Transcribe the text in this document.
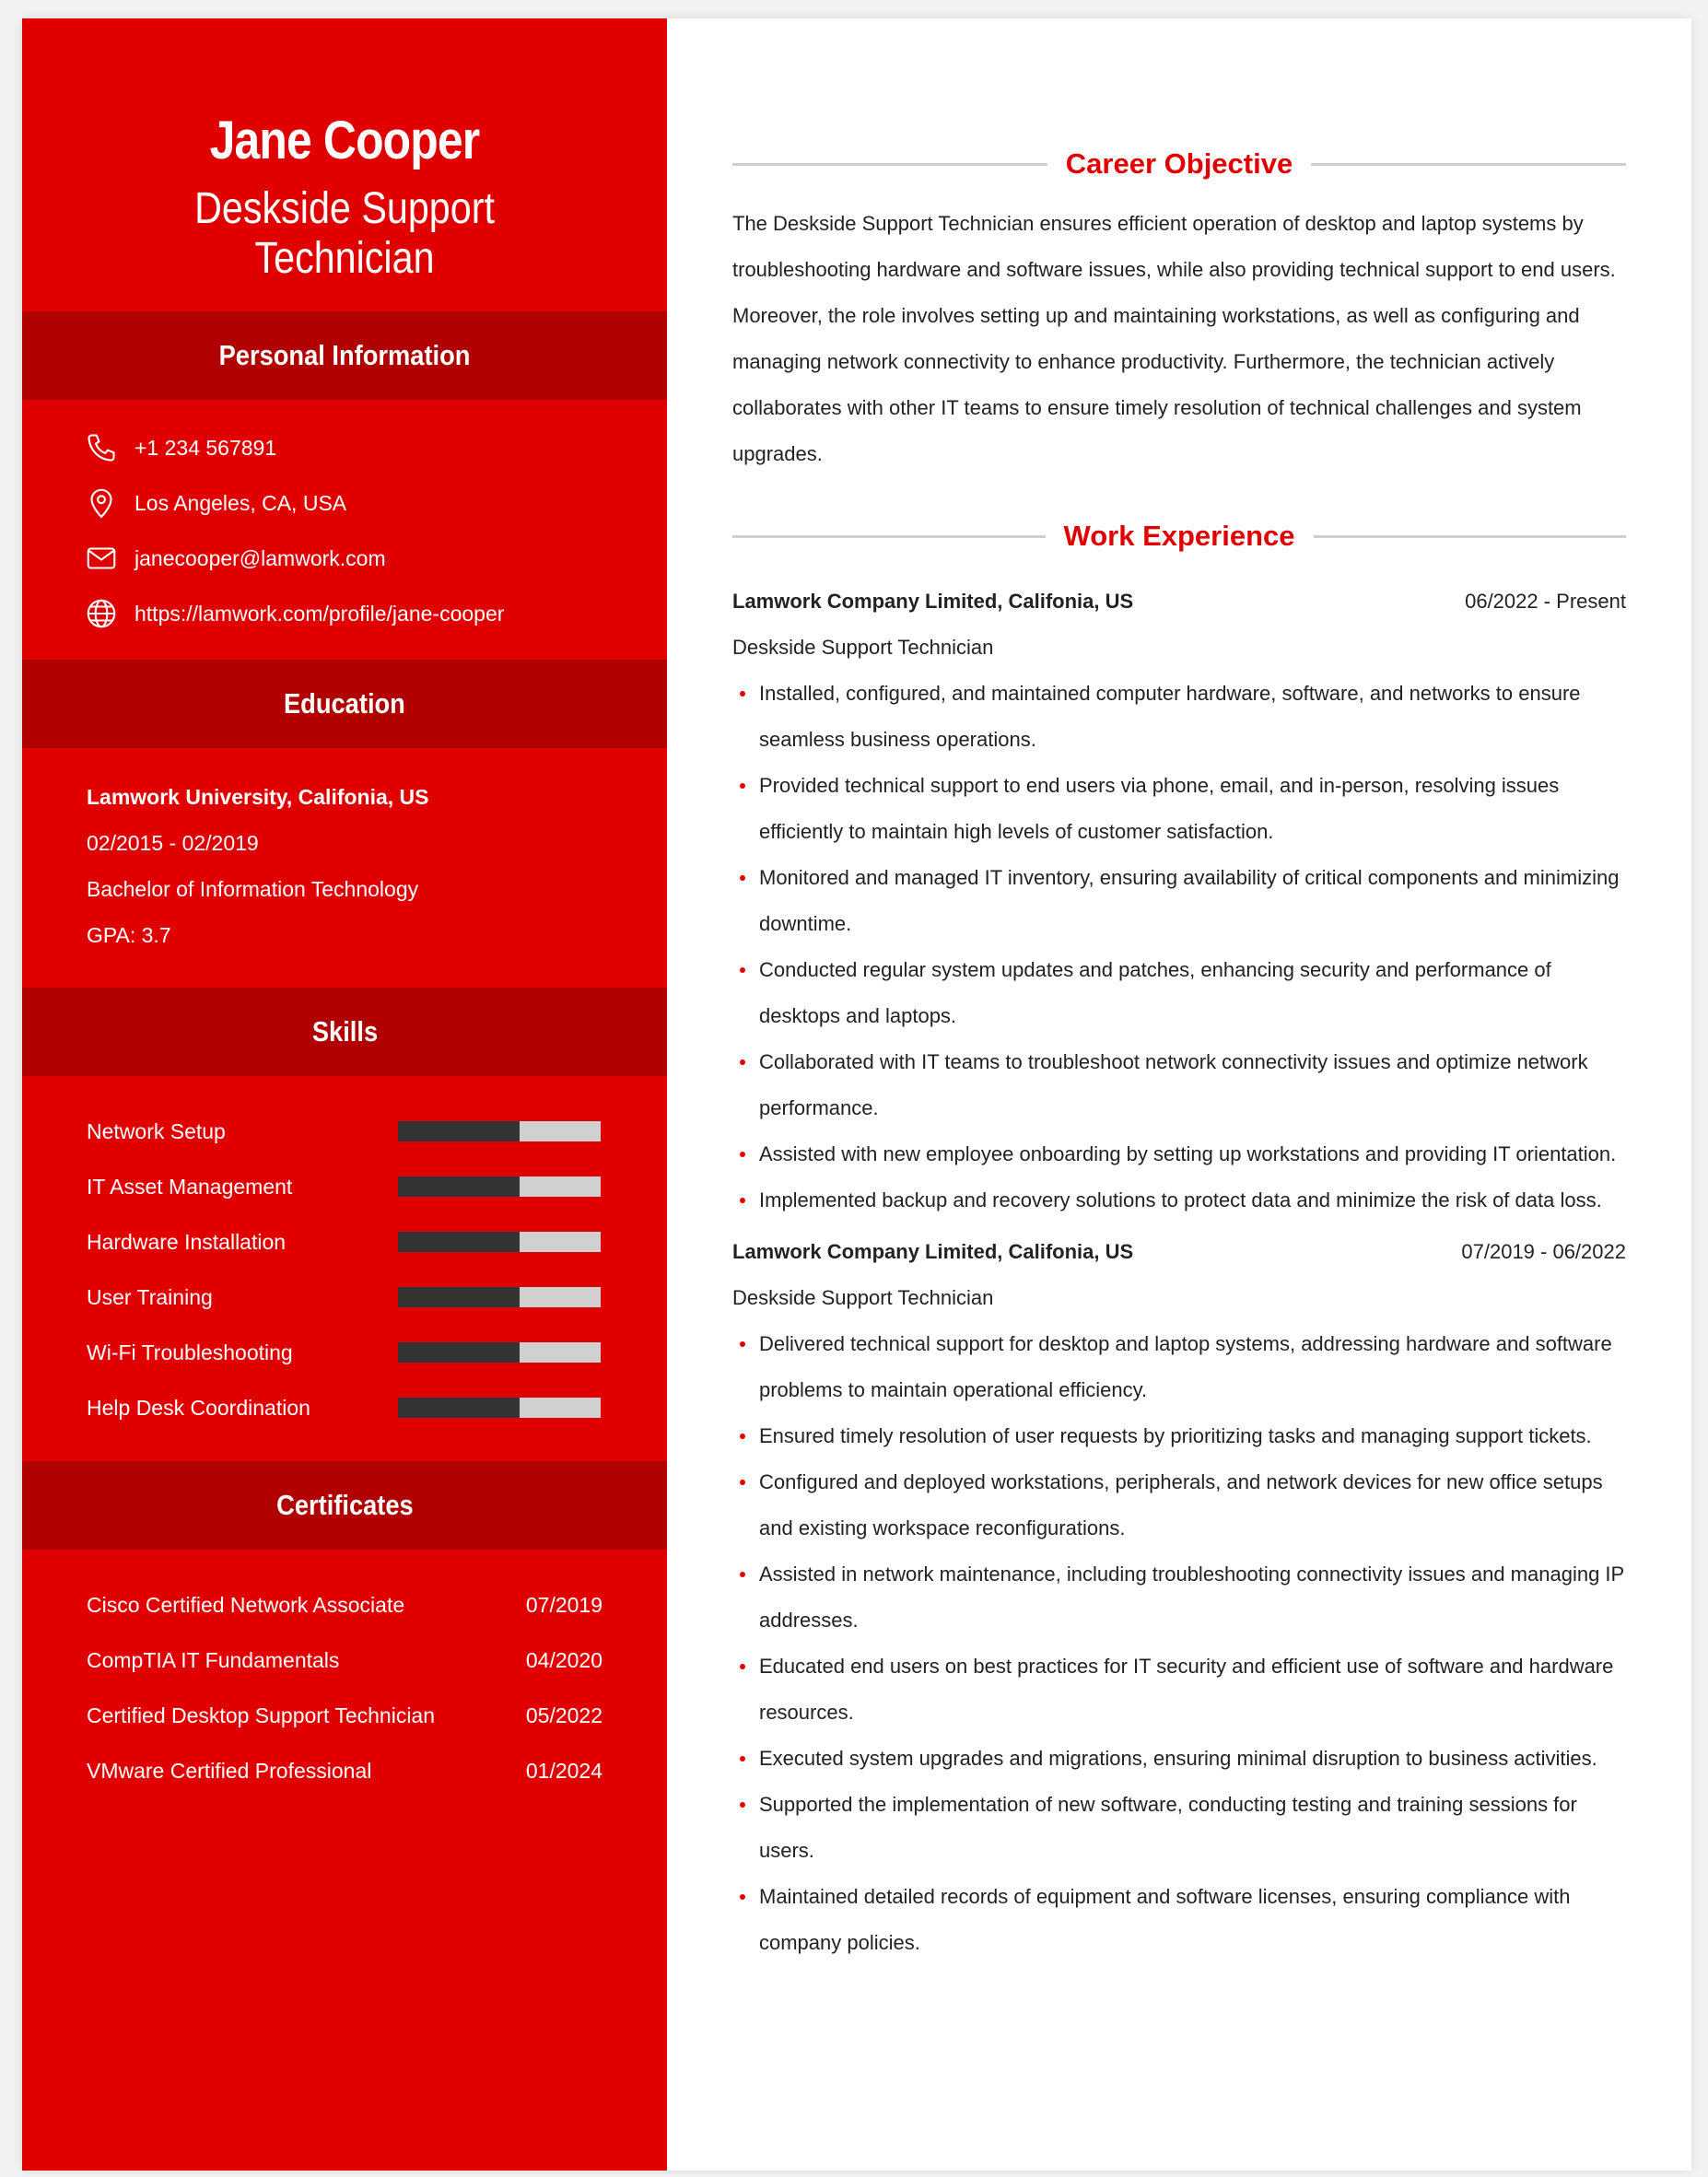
Jane Cooper
Deskside Support Technician
Personal Information
+1 234 567891
Los Angeles, CA, USA
janecooper@lamwork.com
https://lamwork.com/profile/jane-cooper
Education
Lamwork University, Califonia, US
02/2015 - 02/2019
Bachelor of Information Technology
GPA: 3.7
Skills
Network Setup
IT Asset Management
Hardware Installation
User Training
Wi-Fi Troubleshooting
Help Desk Coordination
Certificates
Cisco Certified Network Associate	07/2019
CompTIA IT Fundamentals	04/2020
Certified Desktop Support Technician	05/2022
VMware Certified Professional	01/2024
Career Objective
The Deskside Support Technician ensures efficient operation of desktop and laptop systems by troubleshooting hardware and software issues, while also providing technical support to end users. Moreover, the role involves setting up and maintaining workstations, as well as configuring and managing network connectivity to enhance productivity. Furthermore, the technician actively collaborates with other IT teams to ensure timely resolution of technical challenges and system upgrades.
Work Experience
Lamwork Company Limited, Califonia, US	06/2022 - Present
Deskside Support Technician
Installed, configured, and maintained computer hardware, software, and networks to ensure seamless business operations.
Provided technical support to end users via phone, email, and in-person, resolving issues efficiently to maintain high levels of customer satisfaction.
Monitored and managed IT inventory, ensuring availability of critical components and minimizing downtime.
Conducted regular system updates and patches, enhancing security and performance of desktops and laptops.
Collaborated with IT teams to troubleshoot network connectivity issues and optimize network performance.
Assisted with new employee onboarding by setting up workstations and providing IT orientation.
Implemented backup and recovery solutions to protect data and minimize the risk of data loss.
Lamwork Company Limited, Califonia, US	07/2019 - 06/2022
Deskside Support Technician
Delivered technical support for desktop and laptop systems, addressing hardware and software problems to maintain operational efficiency.
Ensured timely resolution of user requests by prioritizing tasks and managing support tickets.
Configured and deployed workstations, peripherals, and network devices for new office setups and existing workspace reconfigurations.
Assisted in network maintenance, including troubleshooting connectivity issues and managing IP addresses.
Educated end users on best practices for IT security and efficient use of software and hardware resources.
Executed system upgrades and migrations, ensuring minimal disruption to business activities.
Supported the implementation of new software, conducting testing and training sessions for users.
Maintained detailed records of equipment and software licenses, ensuring compliance with company policies.
